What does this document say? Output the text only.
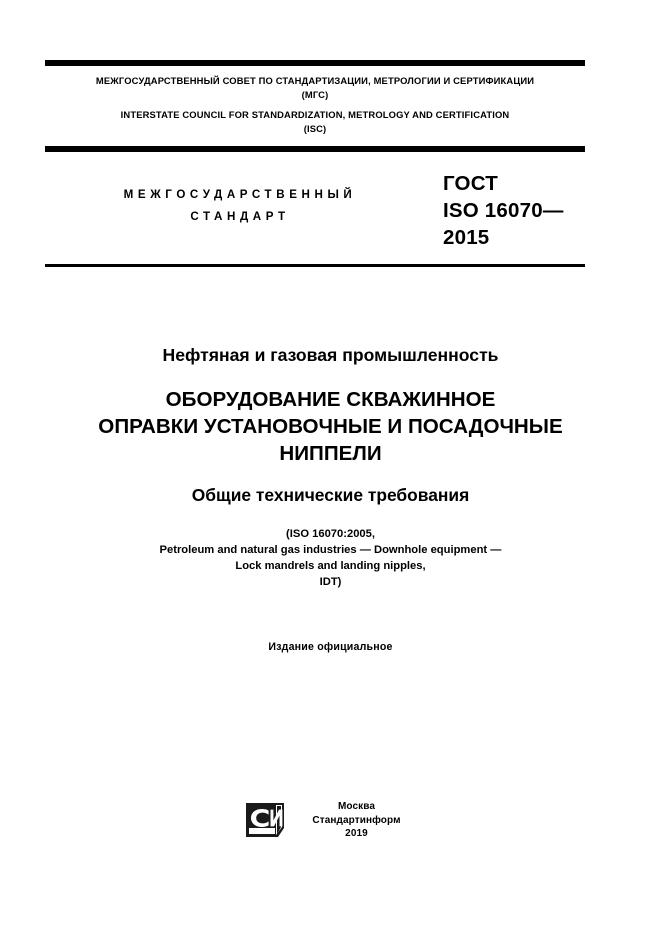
МЕЖГОСУДАРСТВЕННЫЙ СОВЕТ ПО СТАНДАРТИЗАЦИИ, МЕТРОЛОГИИ И СЕРТИФИКАЦИИ
(МГС)
INTERSTATE COUNCIL FOR STANDARDIZATION, METROLOGY AND CERTIFICATION
(ISC)
МЕЖГОСУДАРСТВЕННЫЙ
СТАНДАРТ
ГОСТ
ISO 16070—
2015
Нефтяная и газовая промышленность
ОБОРУДОВАНИЕ СКВАЖИННОЕ
ОПРАВКИ УСТАНОВОЧНЫЕ И ПОСАДОЧНЫЕ
НИППЕЛИ
Общие технические требования
(ISO 16070:2005,
Petroleum and natural gas industries — Downhole equipment —
Lock mandrels and landing nipples,
IDT)
Издание официальное
Москва
Стандартинформ
2019
